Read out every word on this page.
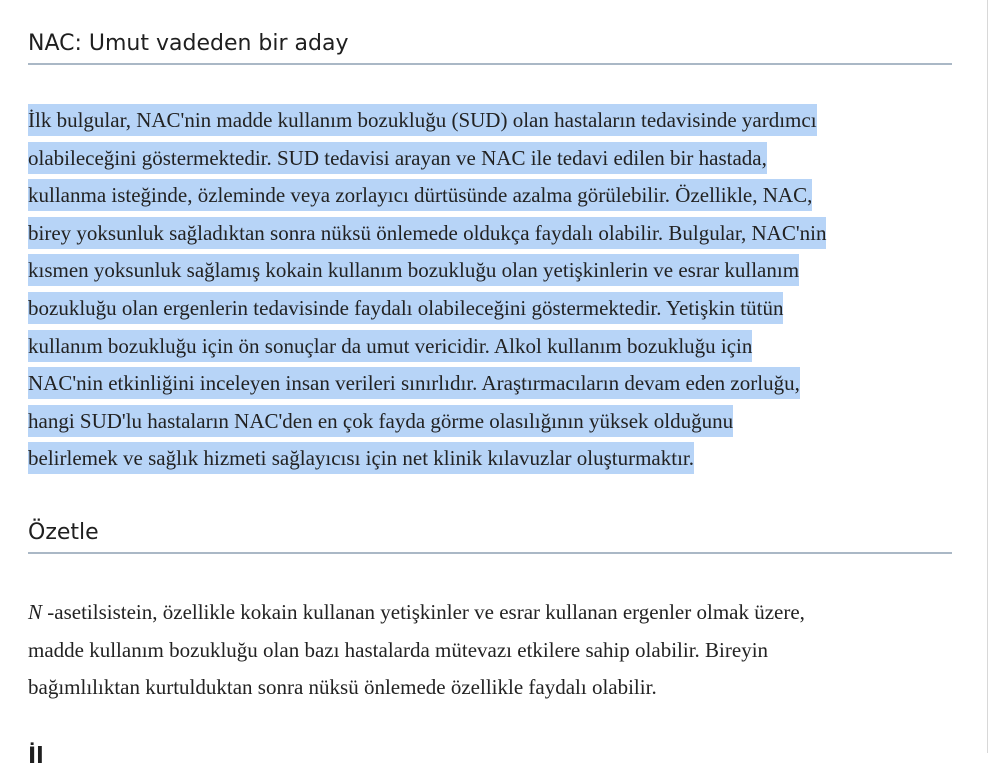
NAC: Umut vadeden bir aday
İlk bulgular, NAC'nin madde kullanım bozukluğu (SUD) olan hastaların tedavisinde yardımcı
olabileceğini göstermektedir. SUD tedavisi arayan ve NAC ile tedavi edilen bir hastada,
kullanma isteğinde, özleminde veya zorlayıcı dürtüsünde azalma görülebilir. Özellikle, NAC,
birey yoksunluk sağladıktan sonra nüksü önlemede oldukça faydalı olabilir. Bulgular, NAC'nin
kısmen yoksunluk sağlamış kokain kullanım bozukluğu olan yetişkinlerin ve esrar kullanım
bozukluğu olan ergenlerin tedavisinde faydalı olabileceğini göstermektedir. Yetişkin tütün
kullanım bozukluğu için ön sonuçlar da umut vericidir. Alkol kullanım bozukluğu için
NAC'nin etkinliğini inceleyen insan verileri sınırlıdır. Araştırmacıların devam eden zorluğu,
hangi SUD'lu hastaların NAC'den en çok fayda görme olasılığının yüksek olduğunu
belirlemek ve sağlık hizmeti sağlayıcısı için net klinik kılavuzlar oluşturmaktır.
Özetle
N -asetilsistein, özellikle kokain kullanan yetişkinler ve esrar kullanan ergenler olmak üzere,
madde kullanım bozukluğu olan bazı hastalarda mütevazı etkilere sahip olabilir. Bireyin
bağımlılıktan kurtulduktan sonra nüksü önlemede özellikle faydalı olabilir.
İl
